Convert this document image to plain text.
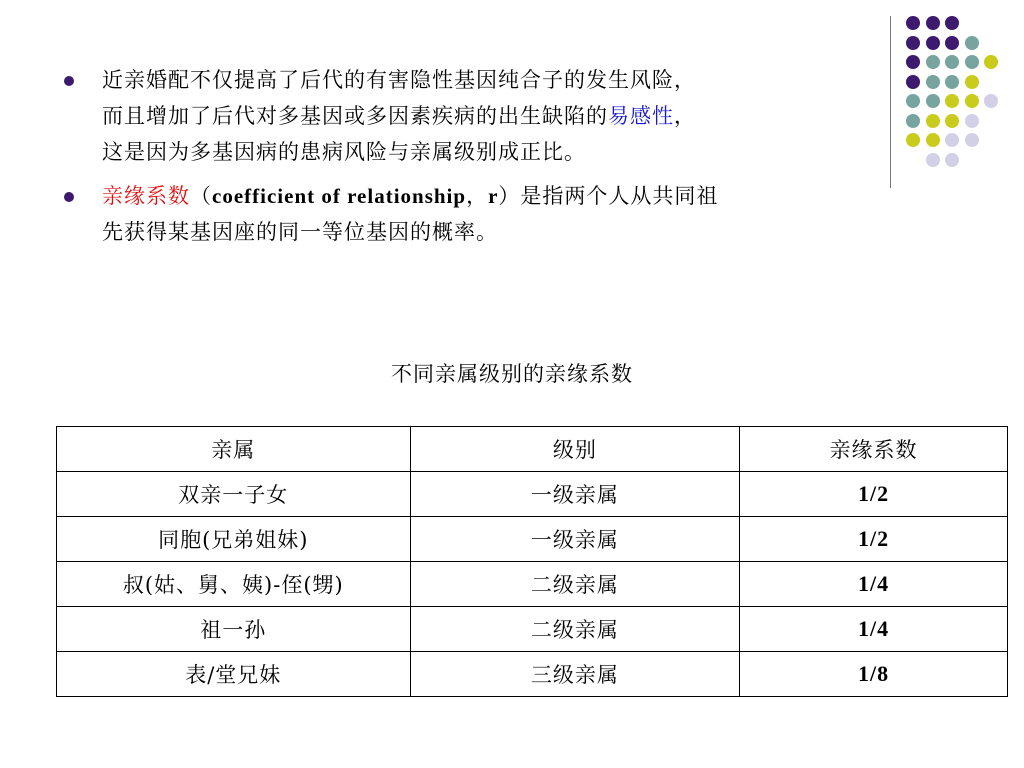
近亲婚配不仅提高了后代的有害隐性基因纯合子的发生风险，
而且增加了后代对多基因或多因素疾病的出生缺陷的易感性，
这是因为多基因病的患病风险与亲属级别成正比。
亲缘系数（coefficient of relationship，r）是指两个人从共同祖
先获得某基因座的同一等位基因的概率。
不同亲属级别的亲缘系数
亲属	级别	亲缘系数
双亲一子女	一级亲属	1/2
同胞(兄弟姐妹)	一级亲属	1/2
叔(姑、舅、姨)-侄(甥)	二级亲属	1/4
祖一孙	二级亲属	1/4
表/堂兄妹	三级亲属	1/8
